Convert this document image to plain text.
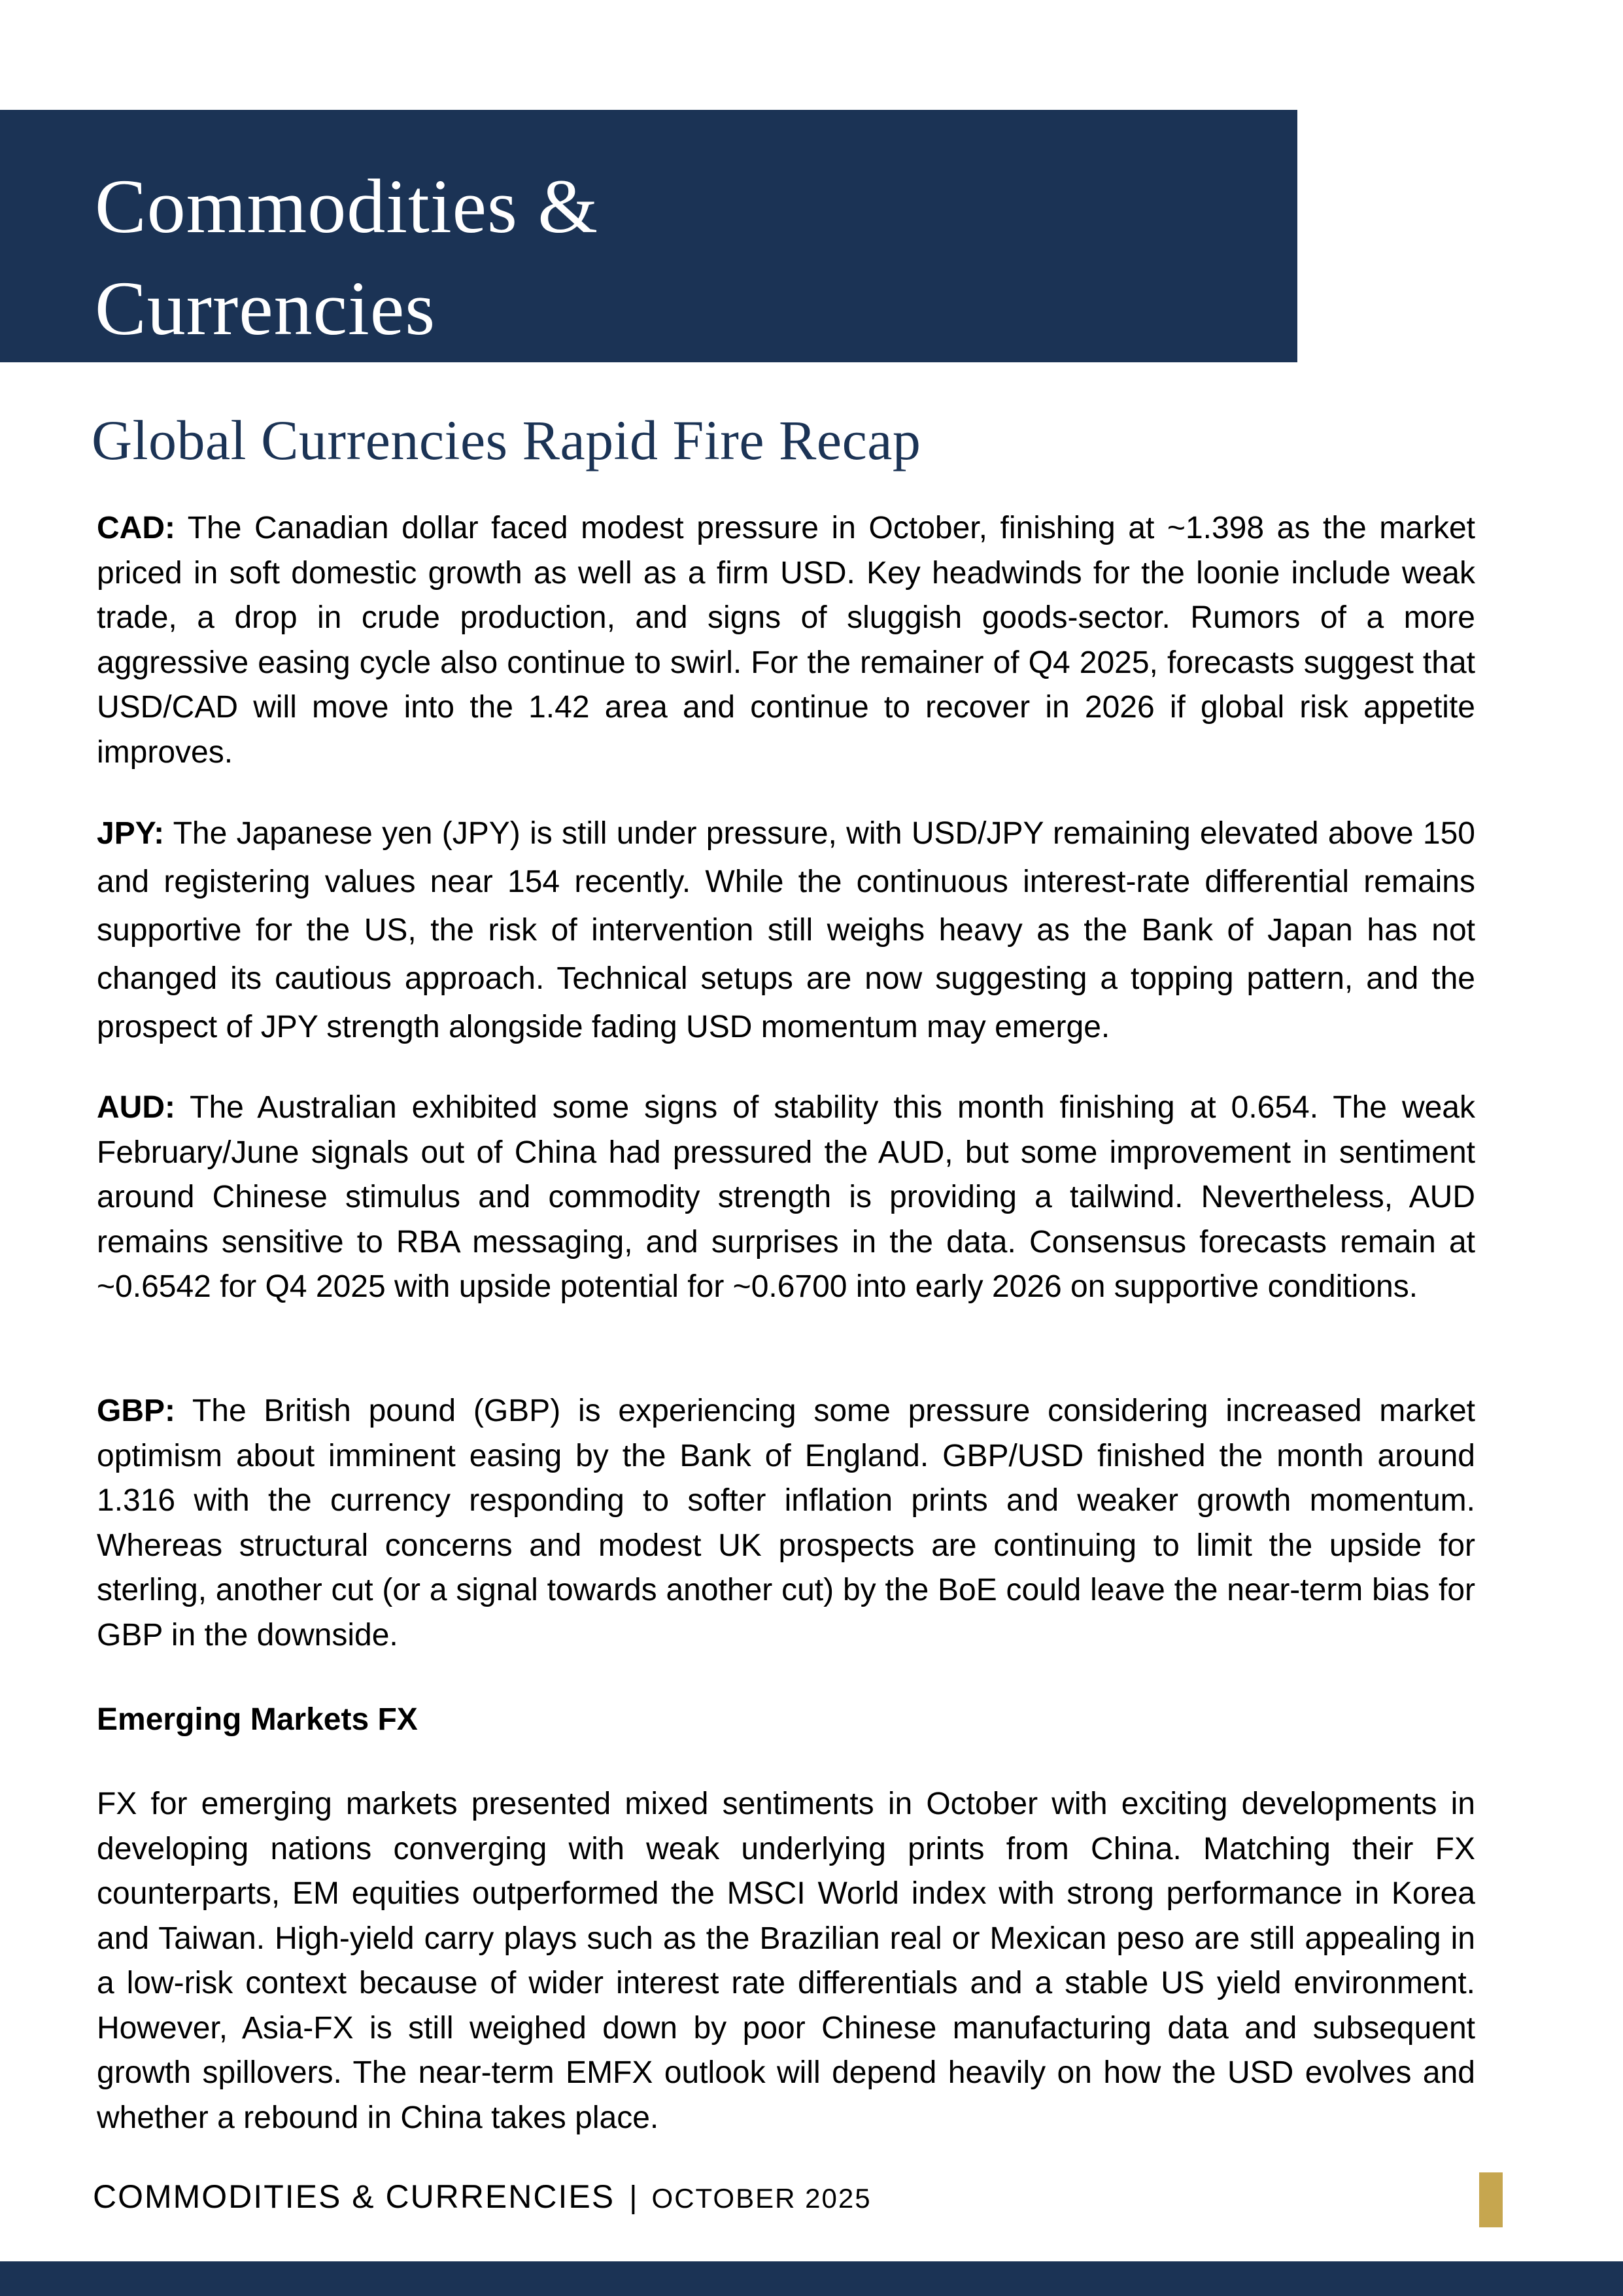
Commodities &
Currencies
Global Currencies Rapid Fire Recap

CAD: The Canadian dollar faced modest pressure in October, finishing at ~1.398 as the market priced in soft domestic growth as well as a firm USD. Key headwinds for the loonie include weak trade, a drop in crude production, and signs of sluggish goods-sector. Rumors of a more aggressive easing cycle also continue to swirl. For the remainer of Q4 2025, forecasts suggest that USD/CAD will move into the 1.42 area and continue to recover in 2026 if global risk appetite improves.

JPY: The Japanese yen (JPY) is still under pressure, with USD/JPY remaining elevated above 150 and registering values near 154 recently. While the continuous interest-rate differential remains supportive for the US, the risk of intervention still weighs heavy as the Bank of Japan has not changed its cautious approach. Technical setups are now suggesting a topping pattern, and the prospect of JPY strength alongside fading USD momentum may emerge.

AUD: The Australian exhibited some signs of stability this month finishing at 0.654. The weak February/June signals out of China had pressured the AUD, but some improvement in sentiment around Chinese stimulus and commodity strength is providing a tailwind. Nevertheless, AUD remains sensitive to RBA messaging, and surprises in the data. Consensus forecasts remain at ~0.6542 for Q4 2025 with upside potential for ~0.6700 into early 2026 on supportive conditions.

GBP: The British pound (GBP) is experiencing some pressure considering increased market optimism about imminent easing by the Bank of England. GBP/USD finished the month around 1.316 with the currency responding to softer inflation prints and weaker growth momentum. Whereas structural concerns and modest UK prospects are continuing to limit the upside for sterling, another cut (or a signal towards another cut) by the BoE could leave the near-term bias for GBP in the downside.

Emerging Markets FX

FX for emerging markets presented mixed sentiments in October with exciting developments in developing nations converging with weak underlying prints from China. Matching their FX counterparts, EM equities outperformed the MSCI World index with strong performance in Korea and Taiwan. High-yield carry plays such as the Brazilian real or Mexican peso are still appealing in a low-risk context because of wider interest rate differentials and a stable US yield environment. However, Asia-FX is still weighed down by poor Chinese manufacturing data and subsequent growth spillovers. The near-term EMFX outlook will depend heavily on how the USD evolves and whether a rebound in China takes place.

COMMODITIES & CURRENCIES | OCTOBER 2025
